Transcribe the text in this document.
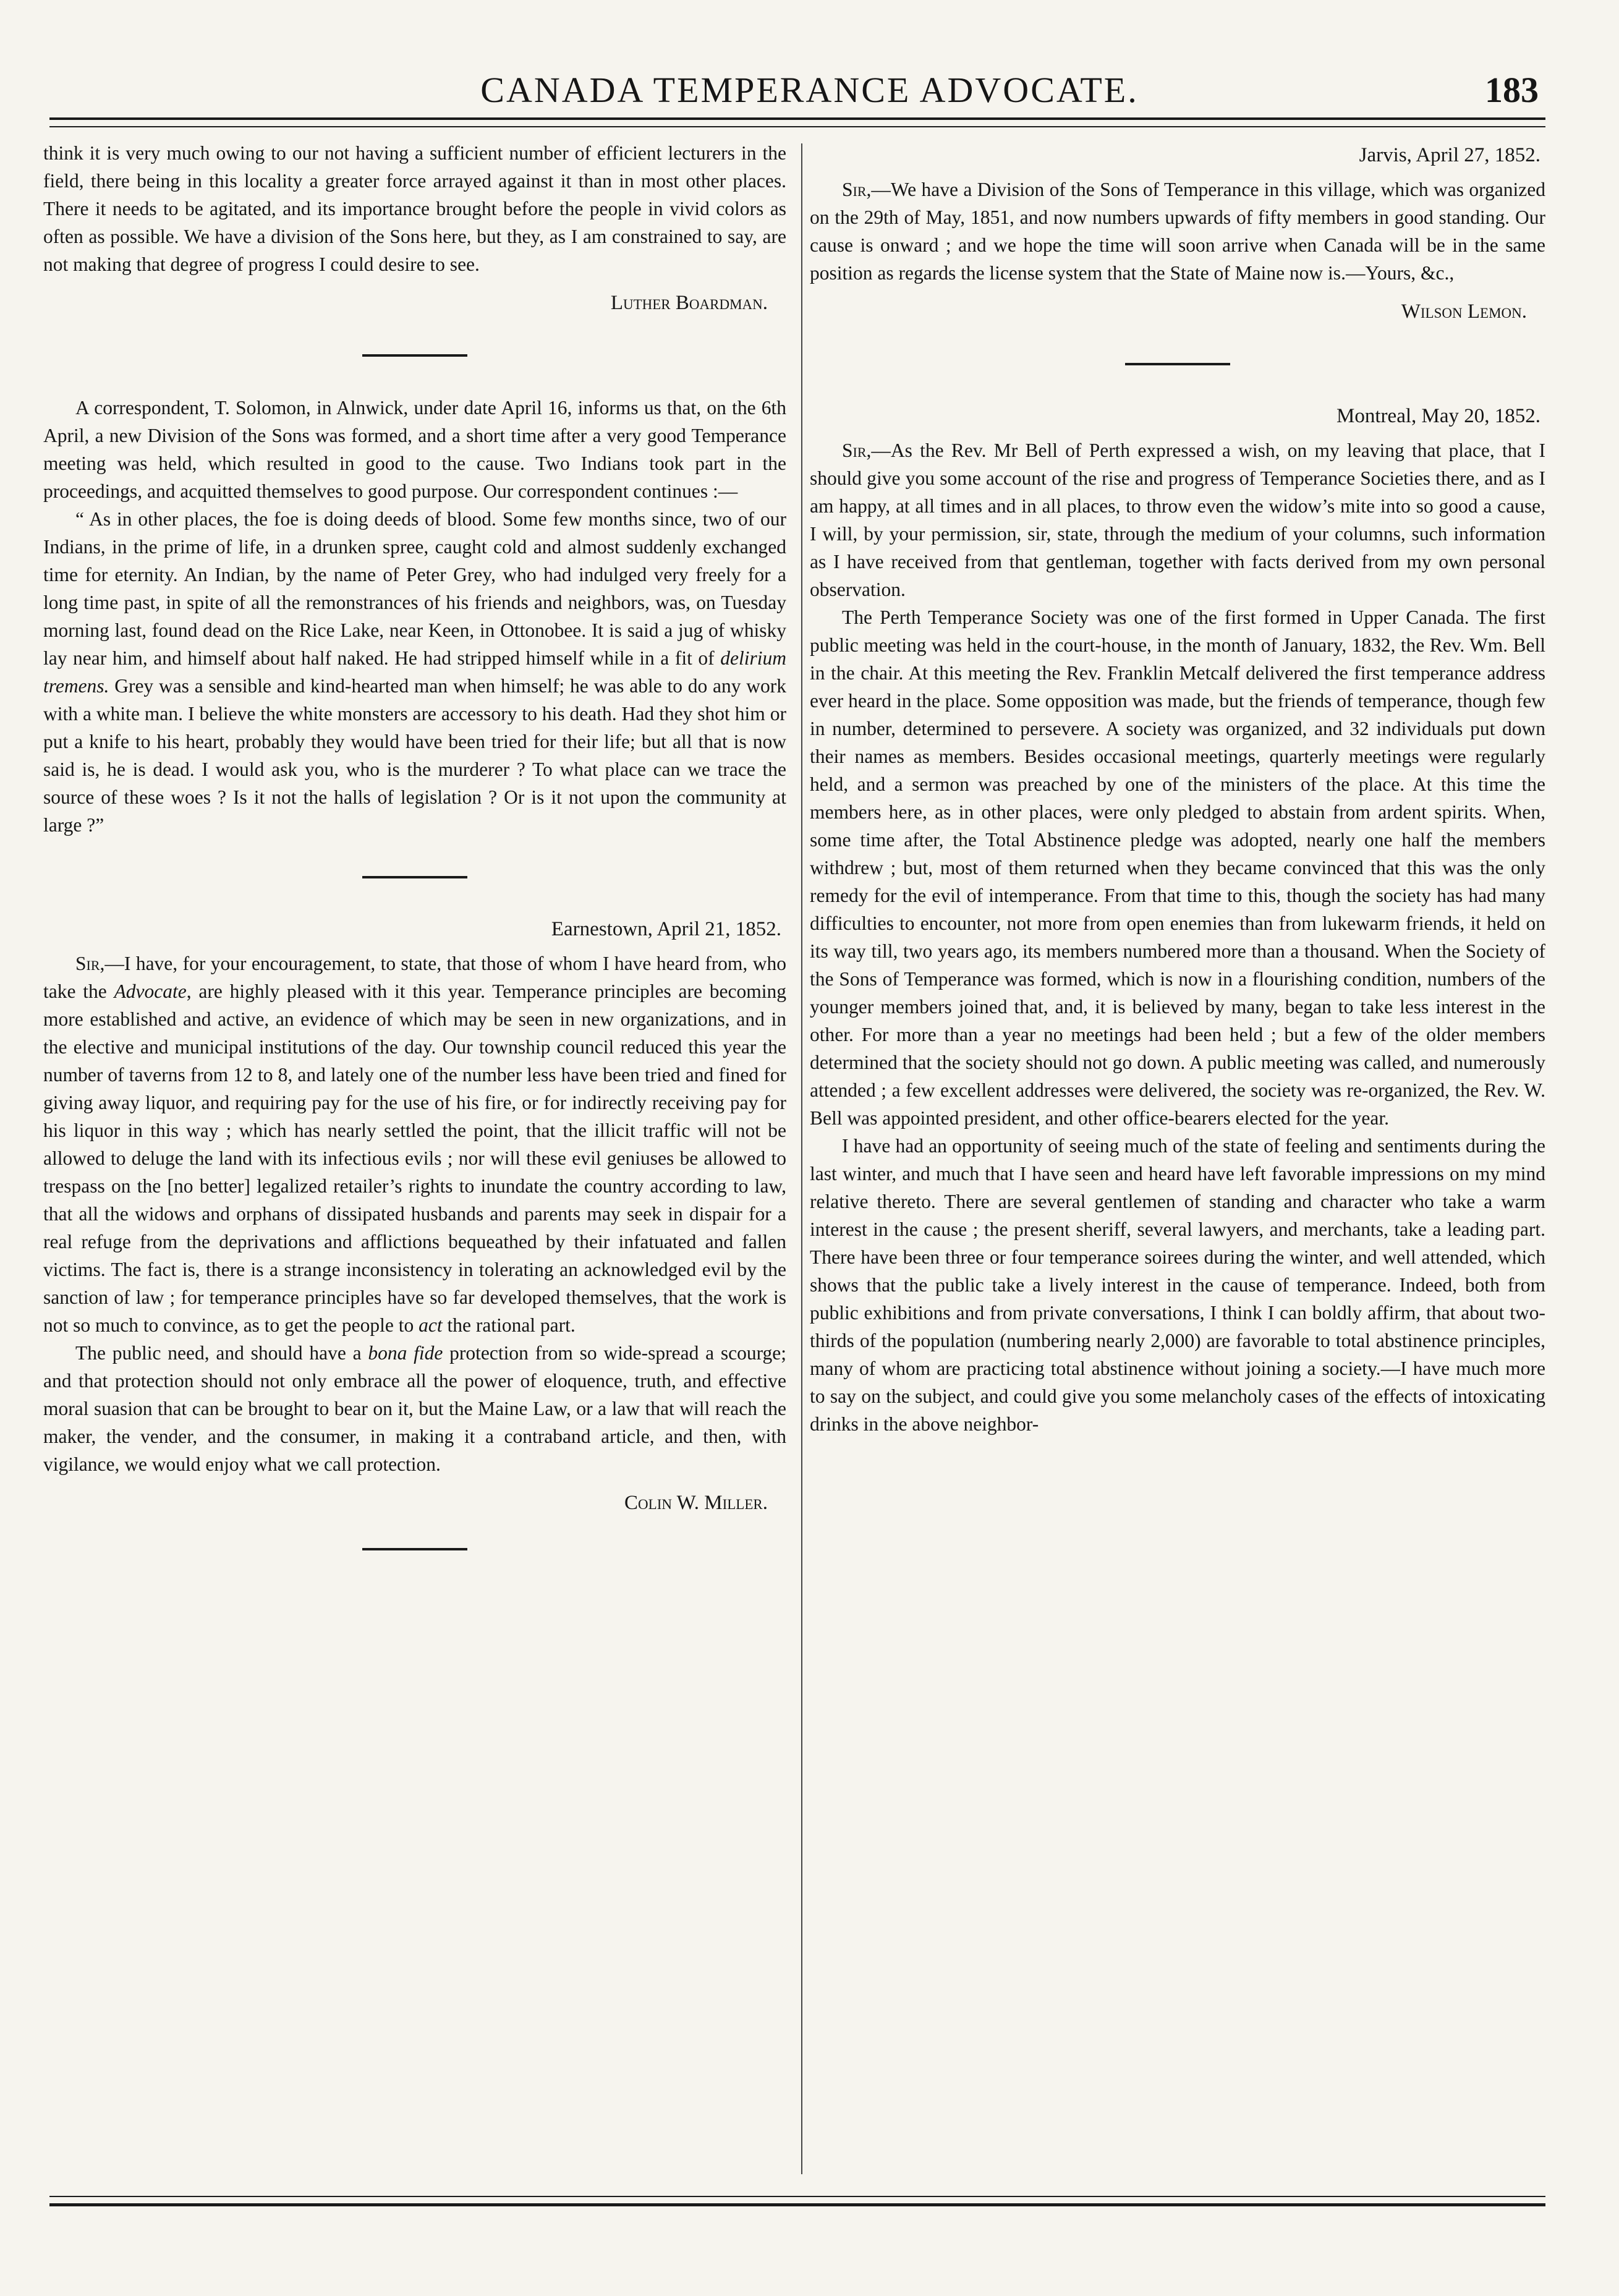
CANADA TEMPERANCE ADVOCATE.	183

think it is very much owing to our not having a sufficient number of efficient lecturers in the field, there being in this locality a greater force arrayed against it than in most other places. There it needs to be agitated, and its importance brought before the people in vivid colors as often as possible. We have a division of the Sons here, but they, as I am constrained to say, are not making that degree of progress I could desire to see.

Luther Boardman.

A correspondent, T. Solomon, in Alnwick, under date April 16, informs us that, on the 6th April, a new Division of the Sons was formed, and a short time after a very good Temperance meeting was held, which resulted in good to the cause. Two Indians took part in the proceedings, and acquitted themselves to good purpose. Our correspondent continues :—

“ As in other places, the foe is doing deeds of blood. Some few months since, two of our Indians, in the prime of life, in a drunken spree, caught cold and almost suddenly exchanged time for eternity. An Indian, by the name of Peter Grey, who had indulged very freely for a long time past, in spite of all the remonstrances of his friends and neighbors, was, on Tuesday morning last, found dead on the Rice Lake, near Keen, in Ottonobee. It is said a jug of whisky lay near him, and himself about half naked. He had stripped himself while in a fit of delirium tremens. Grey was a sensible and kind-hearted man when himself; he was able to do any work with a white man. I believe the white monsters are accessory to his death. Had they shot him or put a knife to his heart, probably they would have been tried for their life; but all that is now said is, he is dead. I would ask you, who is the murderer ? To what place can we trace the source of these woes ? Is it not the halls of legislation ? Or is it not upon the community at large ?”

Earnestown, April 21, 1852.

Sir,—I have, for your encouragement, to state, that those of whom I have heard from, who take the Advocate, are highly pleased with it this year. Temperance principles are becoming more established and active, an evidence of which may be seen in new organizations, and in the elective and municipal institutions of the day. Our township council reduced this year the number of taverns from 12 to 8, and lately one of the number less have been tried and fined for giving away liquor, and requiring pay for the use of his fire, or for indirectly receiving pay for his liquor in this way ; which has nearly settled the point, that the illicit traffic will not be allowed to deluge the land with its infectious evils ; nor will these evil geniuses be allowed to trespass on the [no better] legalized retailer’s rights to inundate the country according to law, that all the widows and orphans of dissipated husbands and parents may seek in dispair for a real refuge from the deprivations and afflictions bequeathed by their infatuated and fallen victims. The fact is, there is a strange inconsistency in tolerating an acknowledged evil by the sanction of law ; for temperance principles have so far developed themselves, that the work is not so much to convince, as to get the people to act the rational part.

The public need, and should have a bona fide protection from so wide-spread a scourge; and that protection should not only embrace all the power of eloquence, truth, and effective moral suasion that can be brought to bear on it, but the Maine Law, or a law that will reach the maker, the vender, and the consumer, in making it a contraband article, and then, with vigilance, we would enjoy what we call protection.

Colin W. Miller.
Jarvis, April 27, 1852.

Sir,—We have a Division of the Sons of Temperance in this village, which was organized on the 29th of May, 1851, and now numbers upwards of fifty members in good standing. Our cause is onward ; and we hope the time will soon arrive when Canada will be in the same position as regards the license system that the State of Maine now is.—Yours, &c.,

Wilson Lemon.
Montreal, May 20, 1852.

Sir,—As the Rev. Mr Bell of Perth expressed a wish, on my leaving that place, that I should give you some account of the rise and progress of Temperance Societies there, and as I am happy, at all times and in all places, to throw even the widow’s mite into so good a cause, I will, by your permission, sir, state, through the medium of your columns, such information as I have received from that gentleman, together with facts derived from my own personal observation.

The Perth Temperance Society was one of the first formed in Upper Canada. The first public meeting was held in the court-house, in the month of January, 1832, the Rev. Wm. Bell in the chair. At this meeting the Rev. Franklin Metcalf delivered the first temperance address ever heard in the place. Some opposition was made, but the friends of temperance, though few in number, determined to persevere. A society was organized, and 32 individuals put down their names as members. Besides occasional meetings, quarterly meetings were regularly held, and a sermon was preached by one of the ministers of the place. At this time the members here, as in other places, were only pledged to abstain from ardent spirits. When, some time after, the Total Abstinence pledge was adopted, nearly one half the members withdrew ; but, most of them returned when they became convinced that this was the only remedy for the evil of intemperance. From that time to this, though the society has had many difficulties to encounter, not more from open enemies than from lukewarm friends, it held on its way till, two years ago, its members numbered more than a thousand. When the Society of the Sons of Temperance was formed, which is now in a flourishing condition, numbers of the younger members joined that, and, it is believed by many, began to take less interest in the other. For more than a year no meetings had been held ; but a few of the older members determined that the society should not go down. A public meeting was called, and numerously attended ; a few excellent addresses were delivered, the society was re-organized, the Rev. W. Bell was appointed president, and other office-bearers elected for the year.

I have had an opportunity of seeing much of the state of feeling and sentiments during the last winter, and much that I have seen and heard have left favorable impressions on my mind relative thereto. There are several gentlemen of standing and character who take a warm interest in the cause ; the present sheriff, several lawyers, and merchants, take a leading part. There have been three or four temperance soirees during the winter, and well attended, which shows that the public take a lively interest in the cause of temperance. Indeed, both from public exhibitions and from private conversations, I think I can boldly affirm, that about two-thirds of the population (numbering nearly 2,000) are favorable to total abstinence principles, many of whom are practicing total abstinence without joining a society.—I have much more to say on the subject, and could give you some melancholy cases of the effects of intoxicating drinks in the above neighbor-
